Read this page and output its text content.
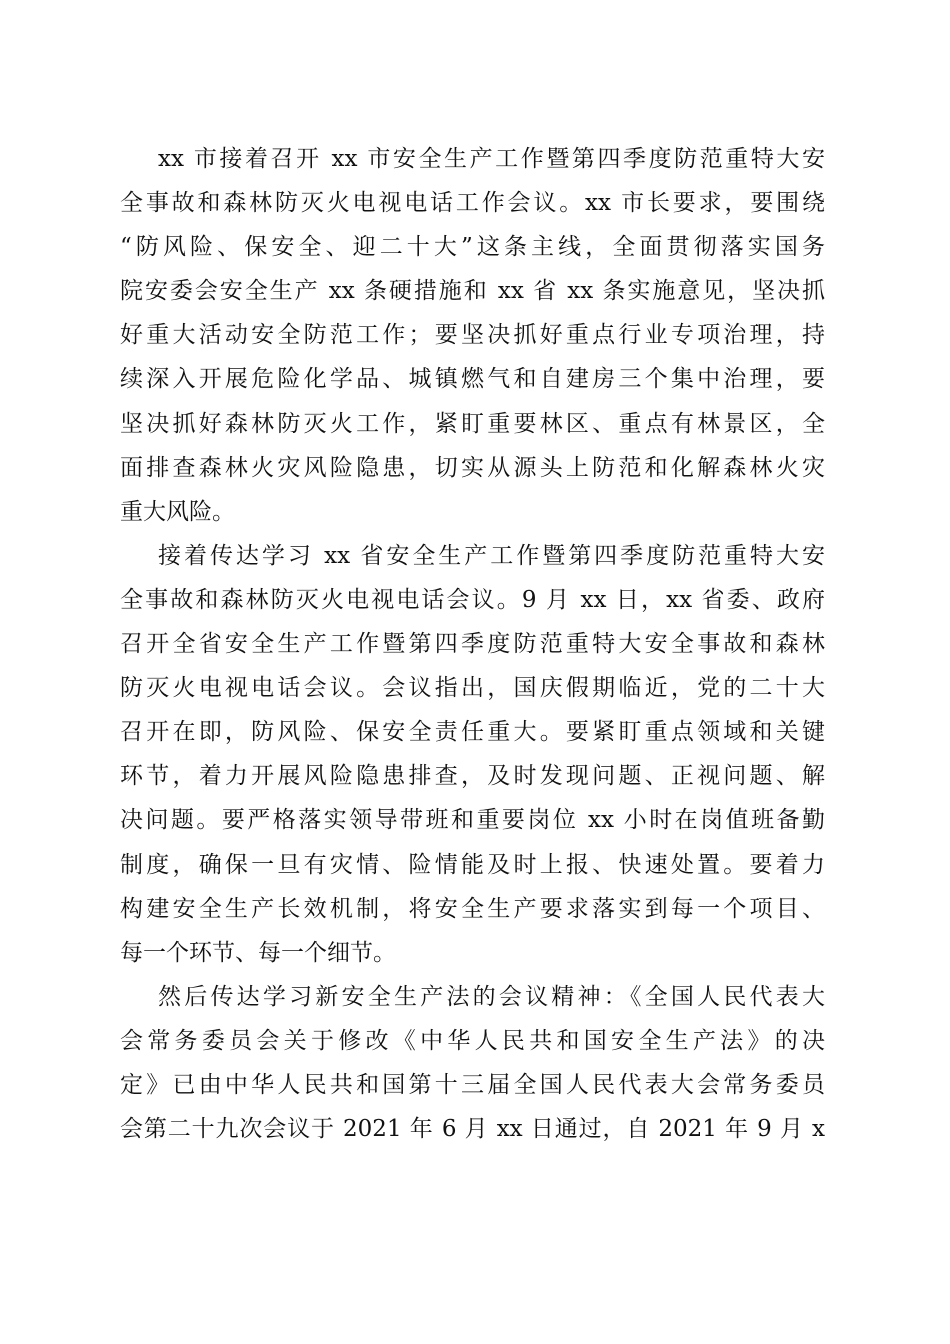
xx 市接着召开 xx 市安全生产工作暨第四季度防范重特大安
全事故和森林防灭火电视电话工作会议。xx 市长要求，要围绕
“防风险、保安全、迎二十大”这条主线，全面贯彻落实国务
院安委会安全生产 xx 条硬措施和 xx 省 xx 条实施意见，坚决抓
好重大活动安全防范工作；要坚决抓好重点行业专项治理，持
续深入开展危险化学品、城镇燃气和自建房三个集中治理，要
坚决抓好森林防灭火工作，紧盯重要林区、重点有林景区，全
面排查森林火灾风险隐患，切实从源头上防范和化解森林火灾
重大风险。
接着传达学习 xx 省安全生产工作暨第四季度防范重特大安
全事故和森林防灭火电视电话会议。9 月 xx 日，xx 省委、政府
召开全省安全生产工作暨第四季度防范重特大安全事故和森林
防灭火电视电话会议。会议指出，国庆假期临近，党的二十大
召开在即，防风险、保安全责任重大。要紧盯重点领域和关键
环节，着力开展风险隐患排查，及时发现问题、正视问题、解
决问题。要严格落实领导带班和重要岗位 xx 小时在岗值班备勤
制度，确保一旦有灾情、险情能及时上报、快速处置。要着力
构建安全生产长效机制，将安全生产要求落实到每一个项目、
每一个环节、每一个细节。
然后传达学习新安全生产法的会议精神：《全国人民代表大
会常务委员会关于修改《中华人民共和国安全生产法》的决
定》已由中华人民共和国第十三届全国人民代表大会常务委员
会第二十九次会议于 2021 年 6 月 xx 日通过，自 2021 年 9 月 x
